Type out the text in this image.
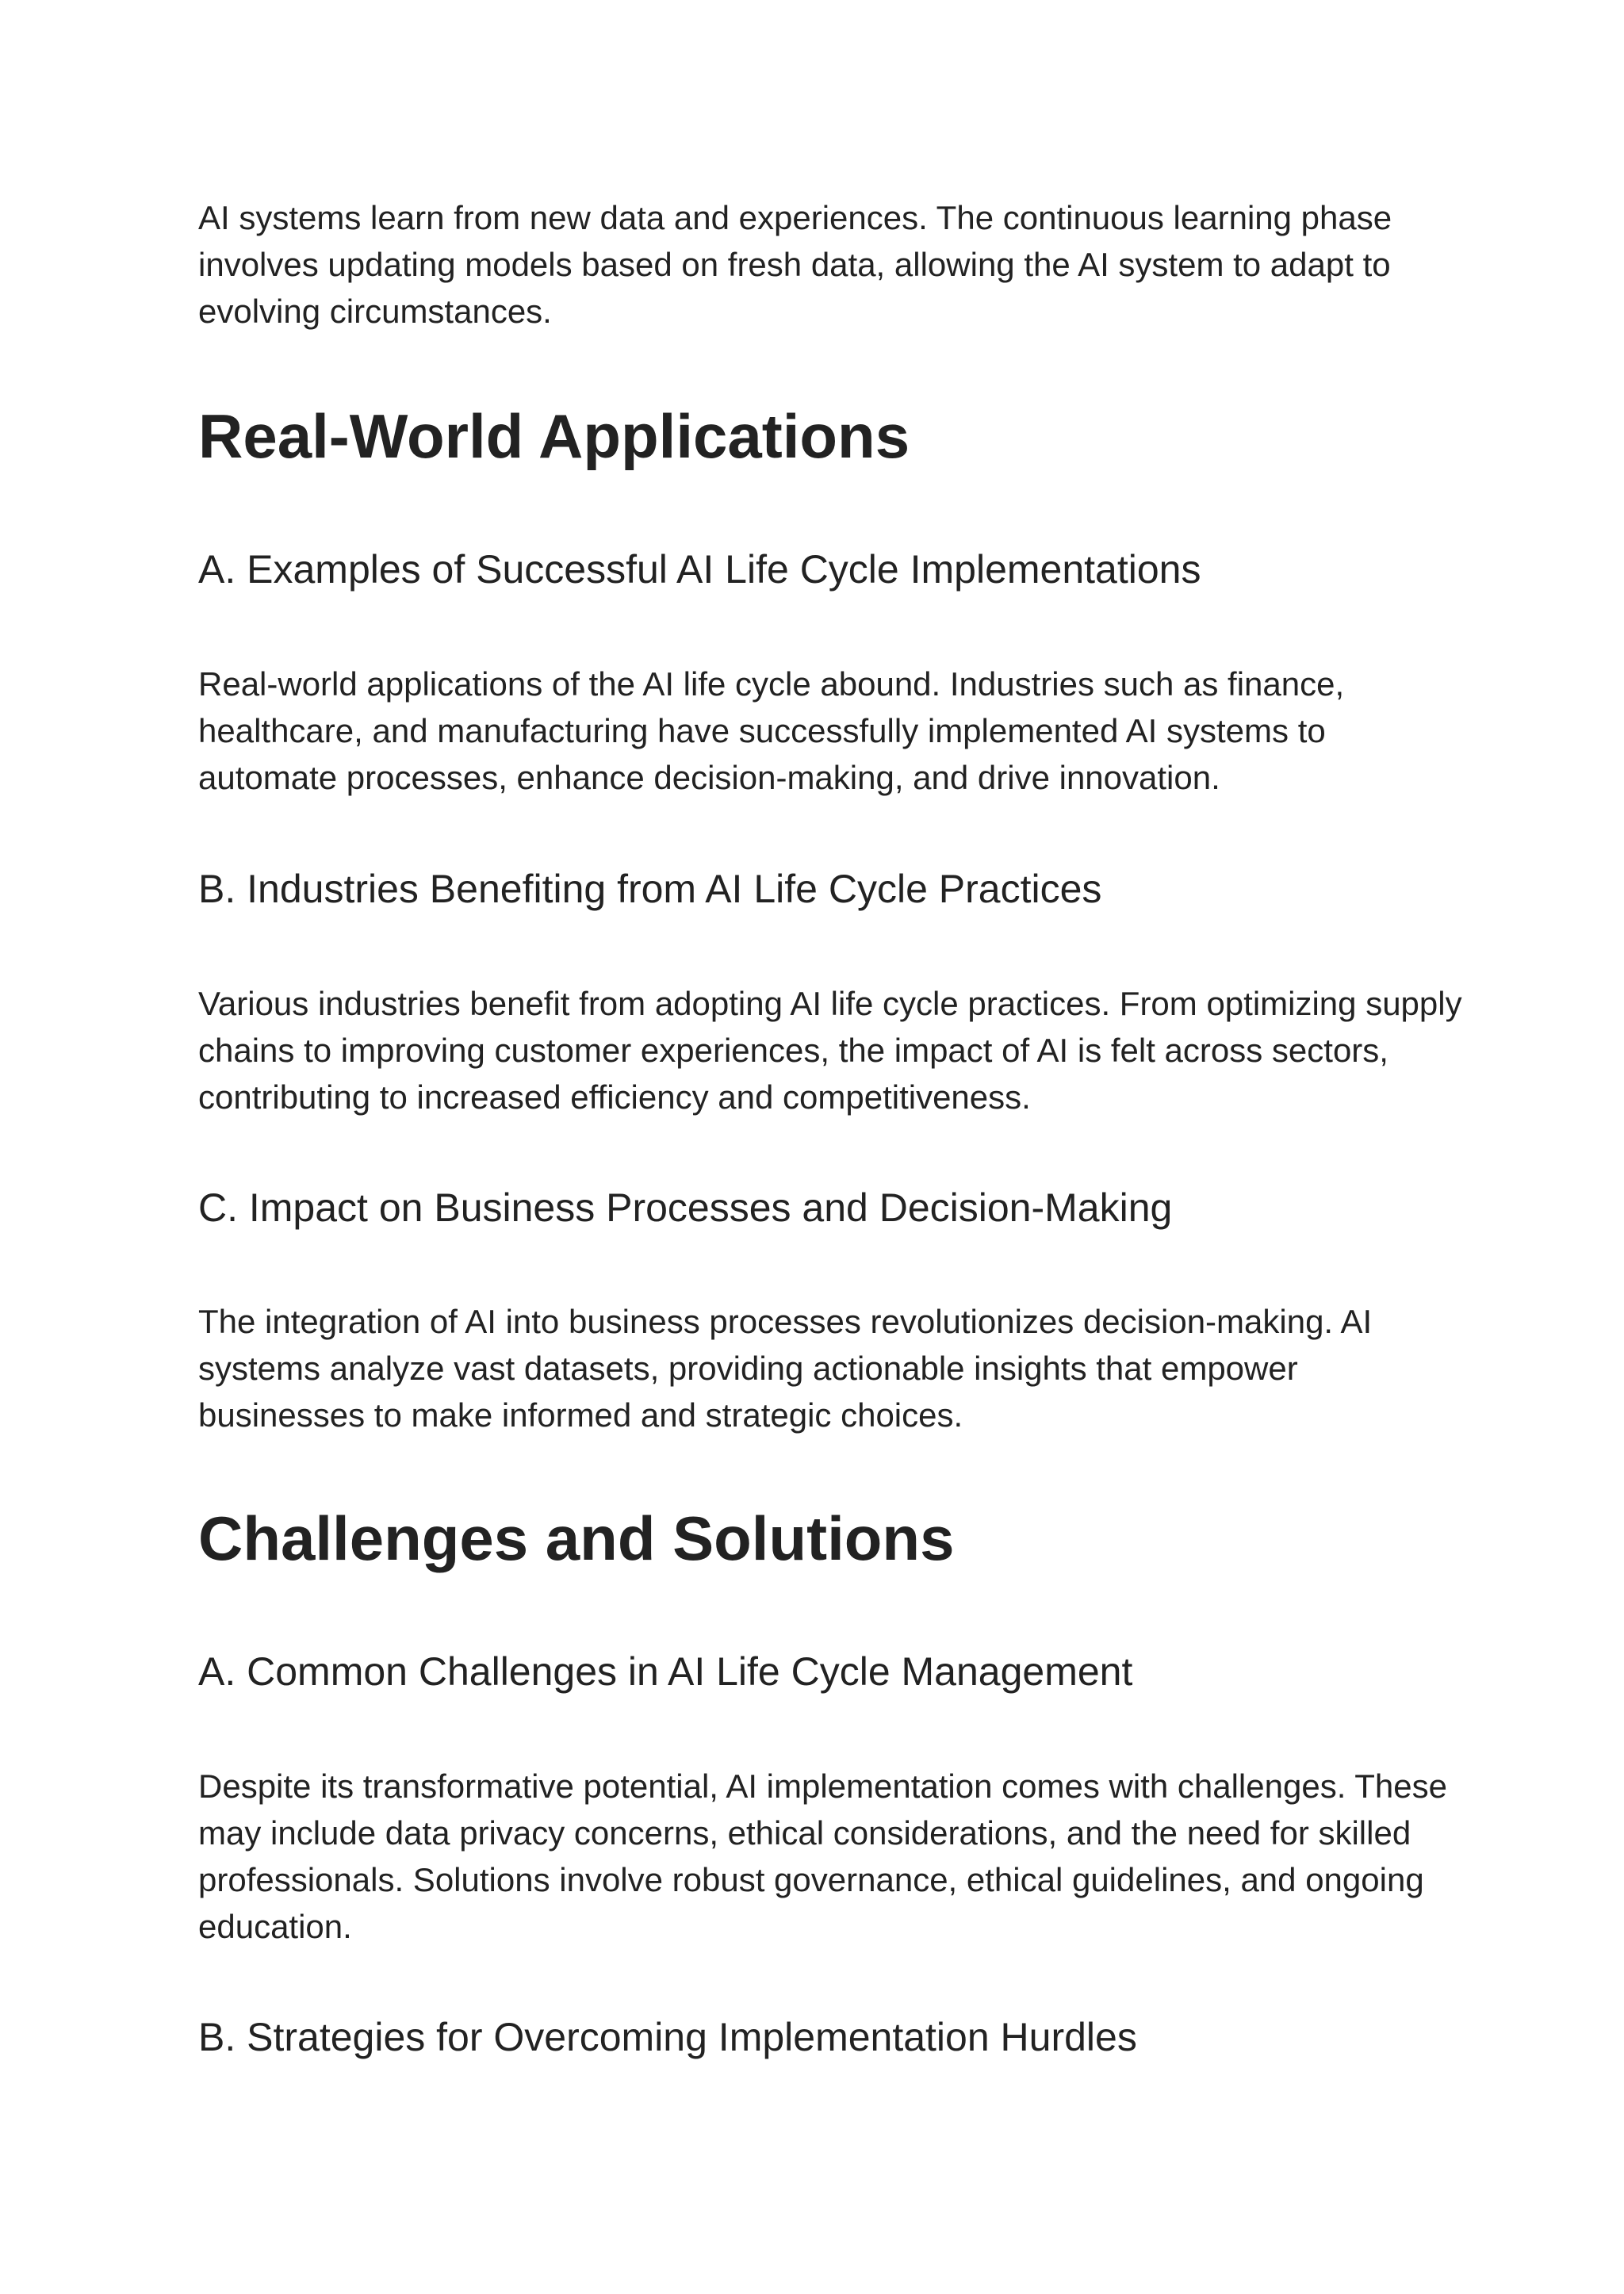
AI systems learn from new data and experiences. The continuous learning phase involves updating models based on fresh data, allowing the AI system to adapt to evolving circumstances.

Real-World Applications
A. Examples of Successful AI Life Cycle Implementations

Real-world applications of the AI life cycle abound. Industries such as finance, healthcare, and manufacturing have successfully implemented AI systems to automate processes, enhance decision-making, and drive innovation.

B. Industries Benefiting from AI Life Cycle Practices

Various industries benefit from adopting AI life cycle practices. From optimizing supply chains to improving customer experiences, the impact of AI is felt across sectors, contributing to increased efficiency and competitiveness.

C. Impact on Business Processes and Decision-Making

The integration of AI into business processes revolutionizes decision-making. AI systems analyze vast datasets, providing actionable insights that empower businesses to make informed and strategic choices.

Challenges and Solutions
A. Common Challenges in AI Life Cycle Management

Despite its transformative potential, AI implementation comes with challenges. These may include data privacy concerns, ethical considerations, and the need for skilled professionals. Solutions involve robust governance, ethical guidelines, and ongoing education.

B. Strategies for Overcoming Implementation Hurdles
